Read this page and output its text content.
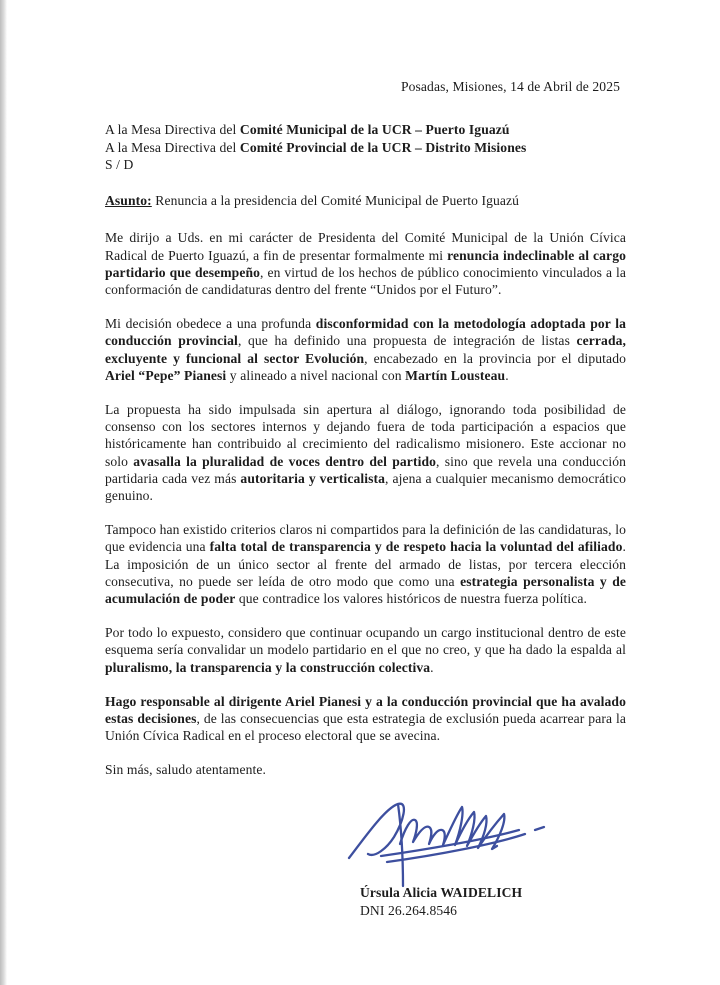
Posadas, Misiones, 14 de Abril de 2025
A la Mesa Directiva del Comité Municipal de la UCR – Puerto Iguazú
A la Mesa Directiva del Comité Provincial de la UCR – Distrito Misiones
S / D
Asunto: Renuncia a la presidencia del Comité Municipal de Puerto Iguazú
Me dirijo a Uds. en mi carácter de Presidenta del Comité Municipal de la Unión Cívica Radical de Puerto Iguazú, a fin de presentar formalmente mi renuncia indeclinable al cargo partidario que desempeño, en virtud de los hechos de público conocimiento vinculados a la conformación de candidaturas dentro del frente “Unidos por el Futuro”.
Mi decisión obedece a una profunda disconformidad con la metodología adoptada por la conducción provincial, que ha definido una propuesta de integración de listas cerrada, excluyente y funcional al sector Evolución, encabezado en la provincia por el diputado Ariel “Pepe” Pianesi y alineado a nivel nacional con Martín Lousteau.
La propuesta ha sido impulsada sin apertura al diálogo, ignorando toda posibilidad de consenso con los sectores internos y dejando fuera de toda participación a espacios que históricamente han contribuido al crecimiento del radicalismo misionero. Este accionar no solo avasalla la pluralidad de voces dentro del partido, sino que revela una conducción partidaria cada vez más autoritaria y verticalista, ajena a cualquier mecanismo democrático genuino.
Tampoco han existido criterios claros ni compartidos para la definición de las candidaturas, lo que evidencia una falta total de transparencia y de respeto hacia la voluntad del afiliado. La imposición de un único sector al frente del armado de listas, por tercera elección consecutiva, no puede ser leída de otro modo que como una estrategia personalista y de acumulación de poder que contradice los valores históricos de nuestra fuerza política.
Por todo lo expuesto, considero que continuar ocupando un cargo institucional dentro de este esquema sería convalidar un modelo partidario en el que no creo, y que ha dado la espalda al pluralismo, la transparencia y la construcción colectiva.
Hago responsable al dirigente Ariel Pianesi y a la conducción provincial que ha avalado estas decisiones, de las consecuencias que esta estrategia de exclusión pueda acarrear para la Unión Cívica Radical en el proceso electoral que se avecina.
Sin más, saludo atentamente.
Úrsula Alicia WAIDELICH
DNI 26.264.8546
